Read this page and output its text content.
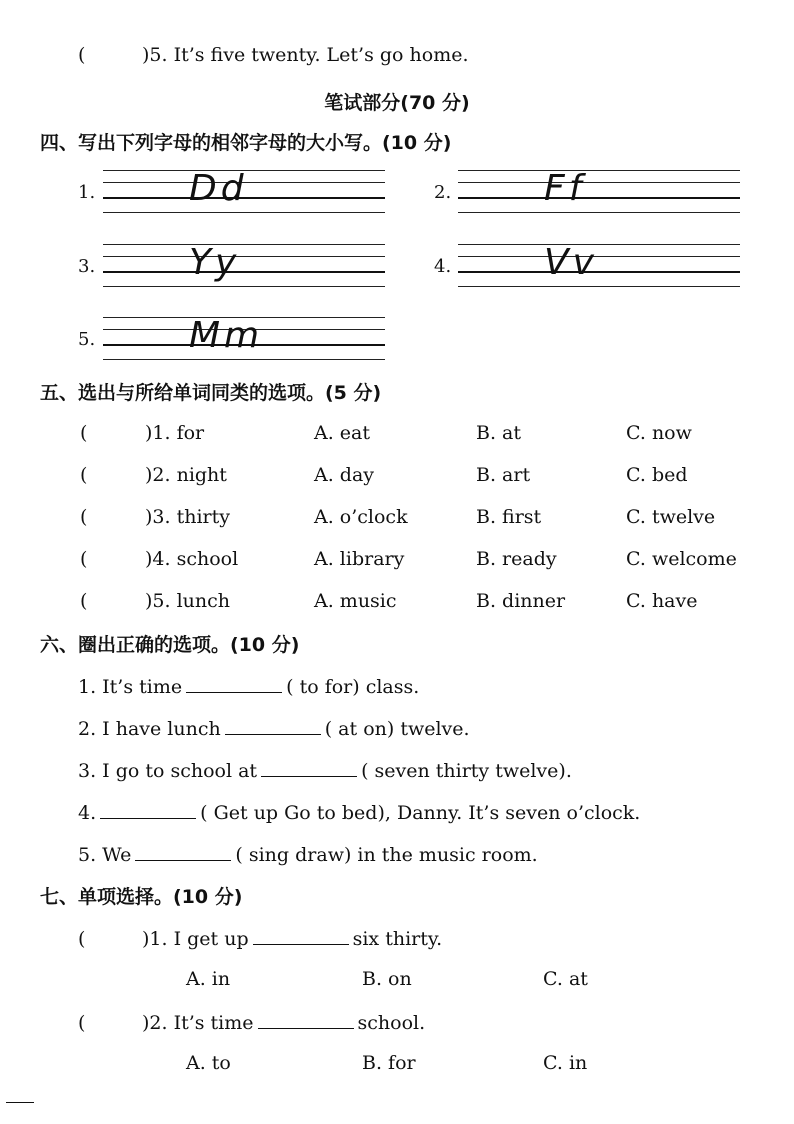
(	)5. It’s five twenty. Let’s go home.
笔试部分(70 分)
四、写出下列字母的相邻字母的大小写。(10 分)
1.	Dd	2.	Ff
3.	Yy	4.	Vv
5.	Mm
五、选出与所给单词同类的选项。(5 分)
(	)1. for	A. eat	B. at	C. now
(	)2. night	A. day	B. art	C. bed
(	)3. thirty	A. o’clock	B. first	C. twelve
(	)4. school	A. library	B. ready	C. welcome
(	)5. lunch	A. music	B. dinner	C. have
六、圈出正确的选项。(10 分)
1. It’s time	( to for) class.
2. I have lunch	( at on) twelve.
3. I go to school at	( seven thirty twelve).
4.	( Get up Go to bed), Danny. It’s seven o’clock.
5. We	( sing draw) in the music room.
七、单项选择。(10 分)
(	)1. I get up	six thirty.
A. in	B. on	C. at
(	)2. It’s time	school.
A. to	B. for	C. in
